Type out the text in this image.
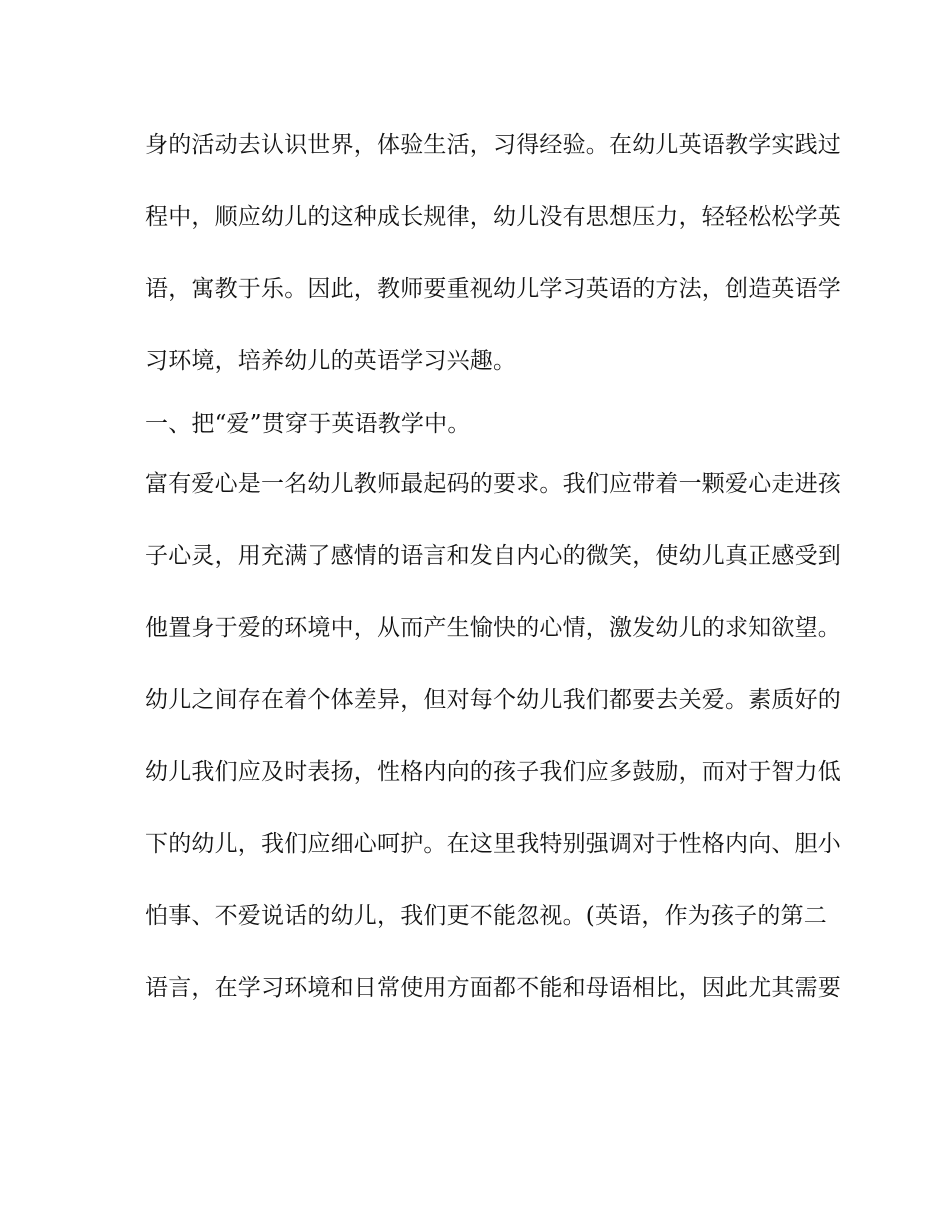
身的活动去认识世界，体验生活，习得经验。在幼儿英语教学实践过
程中，顺应幼儿的这种成长规律，幼儿没有思想压力，轻轻松松学英
语，寓教于乐。因此，教师要重视幼儿学习英语的方法，创造英语学
习环境，培养幼儿的英语学习兴趣。
一、把“爱”贯穿于英语教学中。
富有爱心是一名幼儿教师最起码的要求。我们应带着一颗爱心走进孩
子心灵，用充满了感情的语言和发自内心的微笑，使幼儿真正感受到
他置身于爱的环境中，从而产生愉快的心情，激发幼儿的求知欲望。
幼儿之间存在着个体差异，但对每个幼儿我们都要去关爱。素质好的
幼儿我们应及时表扬，性格内向的孩子我们应多鼓励，而对于智力低
下的幼儿，我们应细心呵护。在这里我特别强调对于性格内向、胆小
怕事、不爱说话的幼儿，我们更不能忽视。(英语，作为孩子的第二
语言，在学习环境和日常使用方面都不能和母语相比，因此尤其需要
